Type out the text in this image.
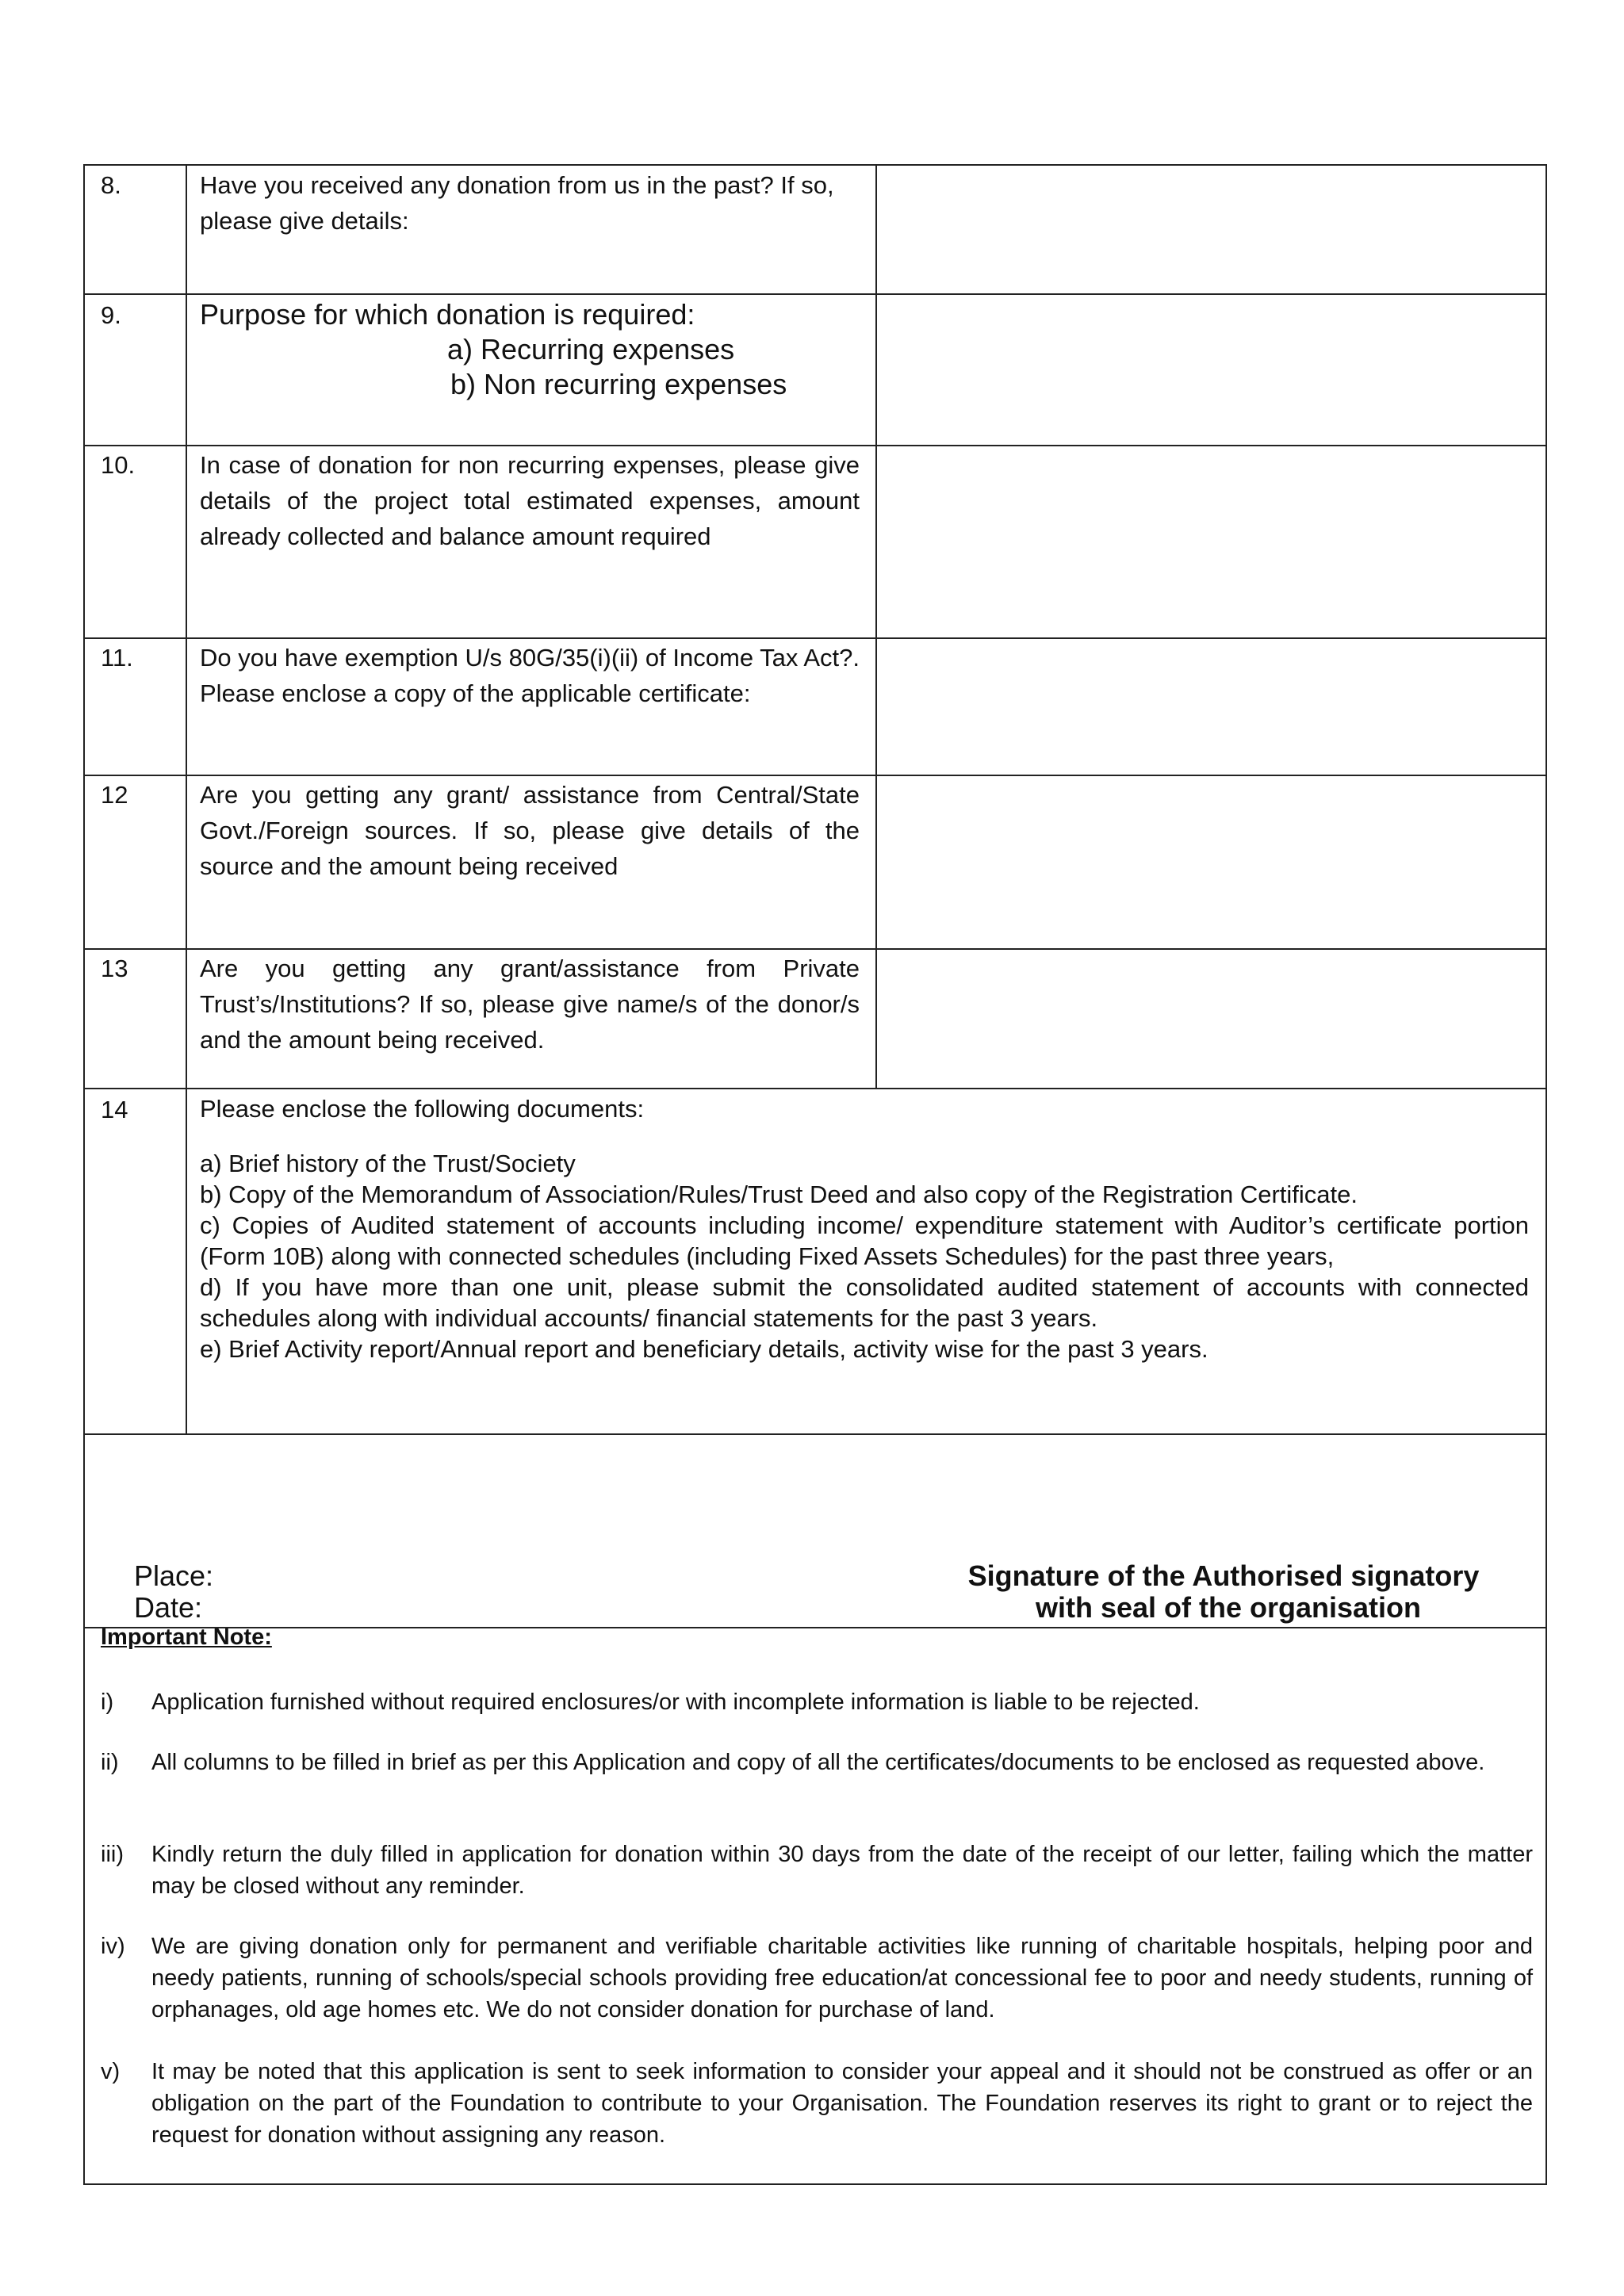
8.	Have you received any donation from us in the past? If so, please give details:
9.	Purpose for which donation is required:
a) Recurring expenses
b) Non recurring expenses
10.	In case of donation for non recurring expenses, please give details of the project total estimated expenses, amount already collected and balance amount required
11.	Do you have exemption U/s 80G/35(i)(ii) of Income Tax Act?. Please enclose a copy of the applicable certificate:
12	Are you getting any grant/ assistance from Central/State Govt./Foreign sources. If so, please give details of the source and the amount being received
13	Are you getting any grant/assistance from Private Trust’s/Institutions? If so, please give name/s of the donor/s and the amount being received.
14	Please enclose the following documents:

a) Brief history of the Trust/Society

b) Copy of the Memorandum of Association/Rules/Trust Deed and also copy of the Registration Certificate.

c) Copies of Audited statement of accounts including income/ expenditure statement with Auditor’s certificate portion (Form 10B) along with connected schedules (including Fixed Assets Schedules) for the past three years,

d) If you have more than one unit, please submit the consolidated audited statement of accounts with connected schedules along with individual accounts/ financial statements for the past 3 years.

e) Brief Activity report/Annual report and beneficiary details, activity wise for the past 3 years.

Place:
Date:
Signature of the Authorised signatory
with seal of the organisation
Important Note:
i)	Application furnished without required enclosures/or with incomplete information is liable to be rejected.
ii)	All columns to be filled in brief as per this Application and copy of all the certificates/documents to be enclosed as requested above.
iii)	Kindly return the duly filled in application for donation within 30 days from the date of the receipt of our letter, failing which the matter may be closed without any reminder.
iv)	We are giving donation only for permanent and verifiable charitable activities like running of charitable hospitals, helping poor and needy patients, running of schools/special schools providing free education/at concessional fee to poor and needy students, running of orphanages, old age homes etc. We do not consider donation for purchase of land.
v)	It may be noted that this application is sent to seek information to consider your appeal and it should not be construed as offer or an obligation on the part of the Foundation to contribute to your Organisation. The Foundation reserves its right to grant or to reject the request for donation without assigning any reason.
